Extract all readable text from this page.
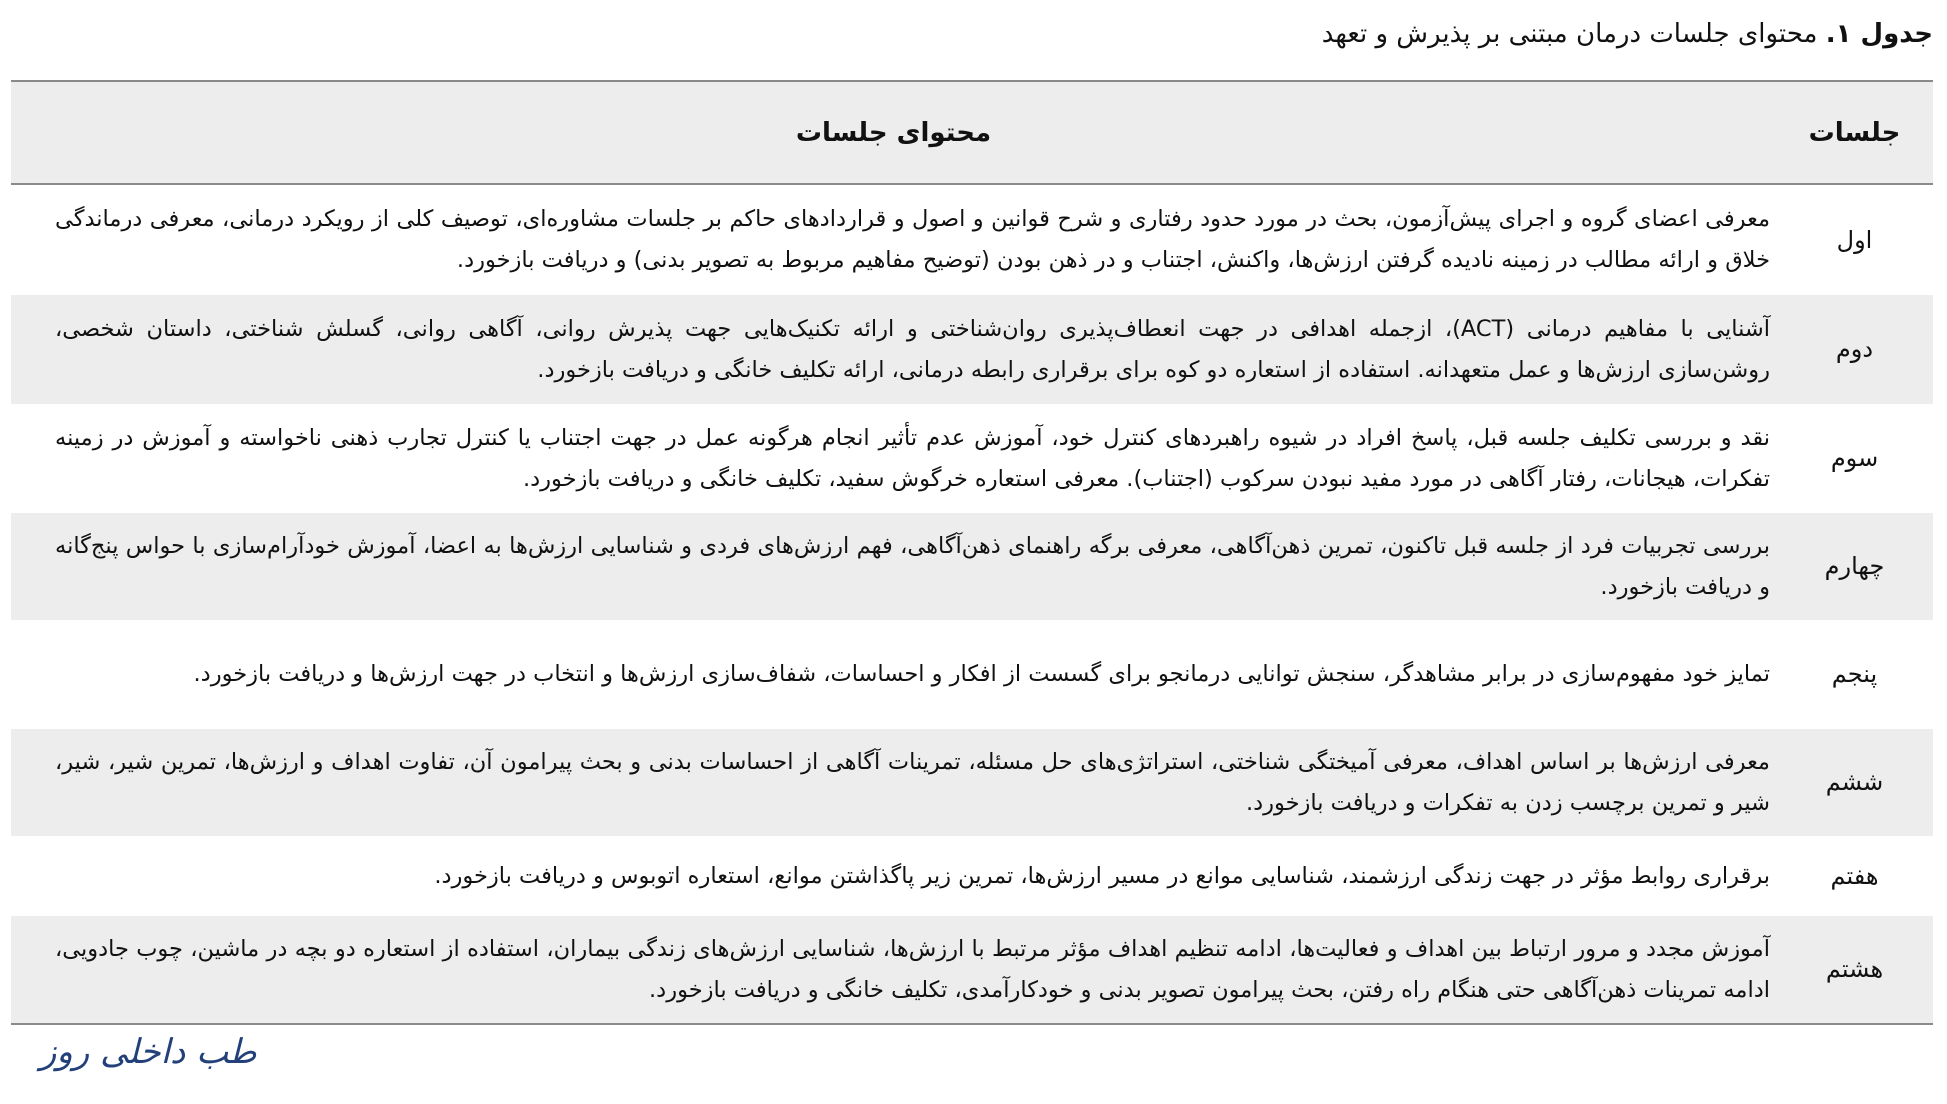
جدول ۱. محتوای جلسات درمان مبتنی بر پذیرش و تعهد
جلسات	محتوای جلسات
اول	معرفی اعضای گروه و اجرای پیش‌آزمون، بحث در مورد حدود رفتاری و شرح قوانین و اصول و قراردادهای حاکم بر جلسات مشاوره‌ای، توصیف کلی از رویکرد درمانی، معرفی درماندگی خلاق و ارائه مطالب در زمینه نادیده گرفتن ارزش‌ها، واکنش، اجتناب و در ذهن بودن (توضیح مفاهیم مربوط به تصویر بدنی) و دریافت بازخورد.
دوم	آشنایی با مفاهیم درمانی (ACT)، ازجمله اهدافی در جهت انعطاف‌پذیری روان‌شناختی و ارائه تکنیک‌هایی جهت پذیرش روانی، آگاهی روانی، گسلش شناختی، داستان شخصی، روشن‌سازی ارزش‌ها و عمل متعهدانه. استفاده از استعاره دو کوه برای برقراری رابطه درمانی، ارائه تکلیف خانگی و دریافت بازخورد.
سوم	نقد و بررسی تکلیف جلسه قبل، پاسخ افراد در شیوه راهبردهای کنترل خود، آموزش عدم تأثیر انجام هرگونه عمل در جهت اجتناب یا کنترل تجارب ذهنی ناخواسته و آموزش در زمینه تفکرات، هیجانات، رفتار آگاهی در مورد مفید نبودن سرکوب (اجتناب). معرفی استعاره خرگوش سفید، تکلیف خانگی و دریافت بازخورد.
چهارم	بررسی تجربیات فرد از جلسه قبل تاکنون، تمرین ذهن‌آگاهی، معرفی برگه راهنمای ذهن‌آگاهی، فهم ارزش‌های فردی و شناسایی ارزش‌ها به اعضا، آموزش خودآرام‌سازی با حواس پنج‌گانه و دریافت بازخورد.
پنجم	تمایز خود مفهوم‌سازی در برابر مشاهدگر، سنجش توانایی درمانجو برای گسست از افکار و احساسات، شفاف‌سازی ارزش‌ها و انتخاب در جهت ارزش‌ها و دریافت بازخورد.
ششم	معرفی ارزش‌ها بر اساس اهداف، معرفی آمیختگی شناختی، استراتژی‌های حل مسئله، تمرینات آگاهی از احساسات بدنی و بحث پیرامون آن، تفاوت اهداف و ارزش‌ها، تمرین شیر، شیر، شیر و تمرین برچسب زدن به تفکرات و دریافت بازخورد.
هفتم	برقراری روابط مؤثر در جهت زندگی ارزشمند، شناسایی موانع در مسیر ارزش‌ها، تمرین زیر پاگذاشتن موانع، استعاره اتوبوس و دریافت بازخورد.
هشتم	آموزش مجدد و مرور ارتباط بین اهداف و فعالیت‌ها، ادامه تنظیم اهداف مؤثر مرتبط با ارزش‌ها، شناسایی ارزش‌های زندگی بیماران، استفاده از استعاره دو بچه در ماشین، چوب جادویی، ادامه تمرینات ذهن‌آگاهی حتی هنگام راه رفتن، بحث پیرامون تصویر بدنی و خودکارآمدی، تکلیف خانگی و دریافت بازخورد.
طب داخلی روز
